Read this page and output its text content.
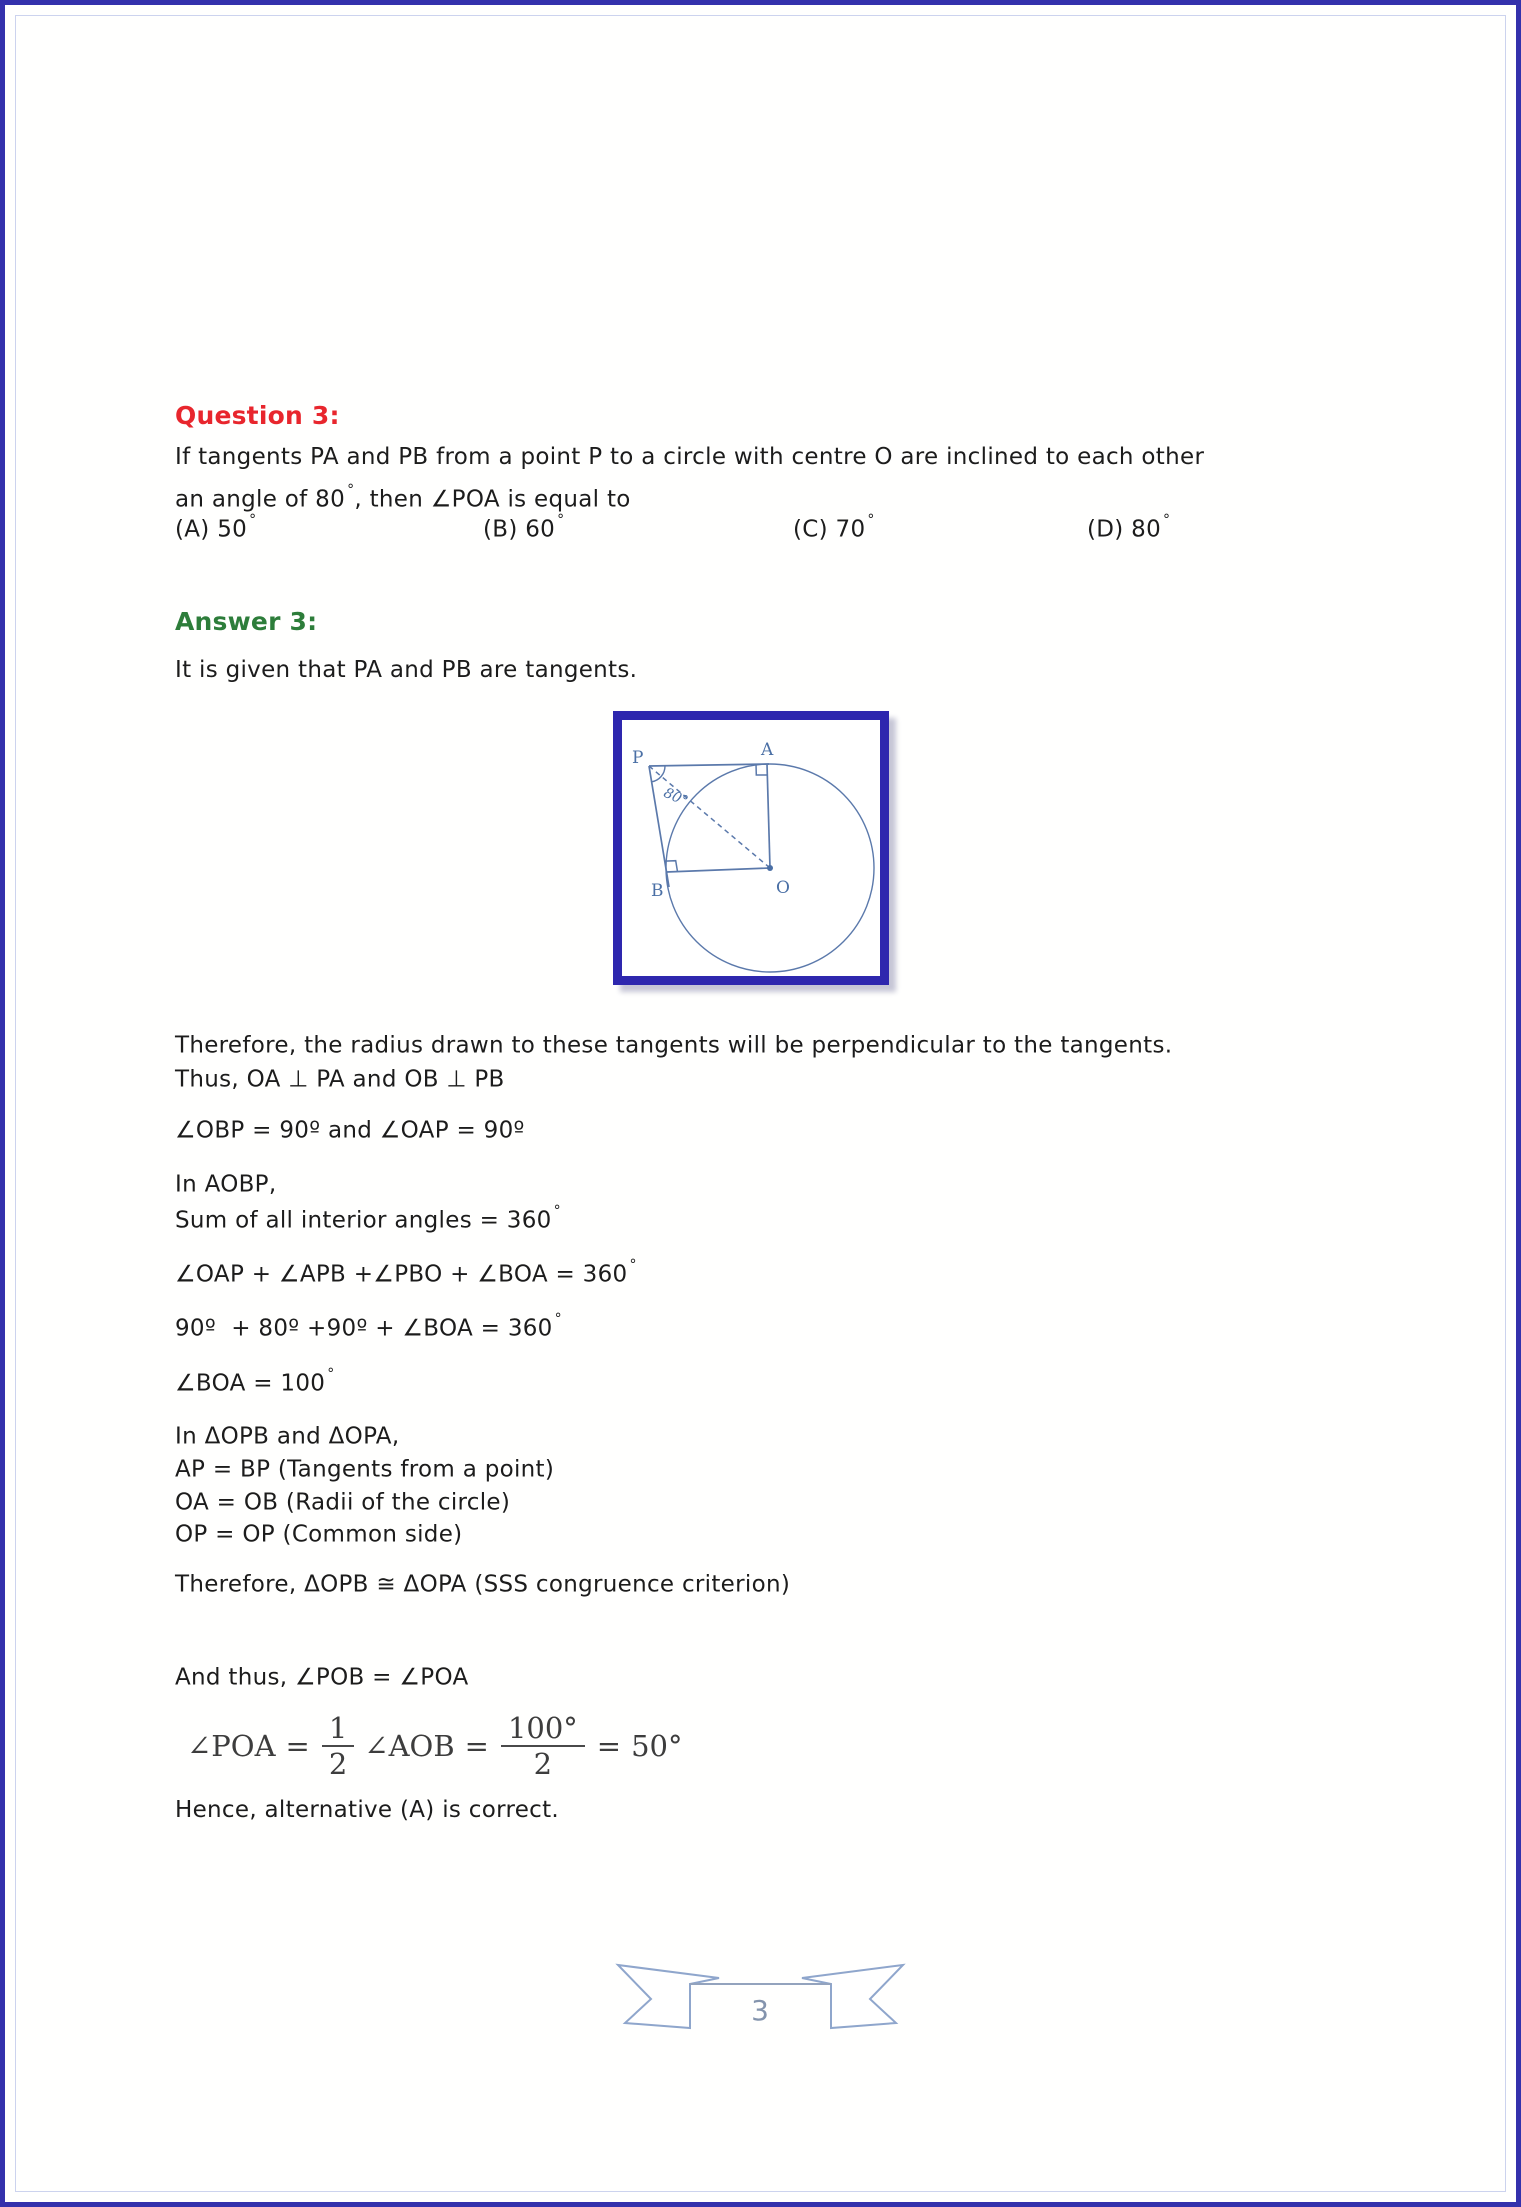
Question 3:
If tangents PA and PB from a point P to a circle with centre O are inclined to each other
an angle of 80 °, then ∠POA is equal to
(A) 50 °	(B) 60 °	(C) 70 °	(D) 80 °
Answer 3:
It is given that PA and PB are tangents.
P	A
B	O
80°
Therefore, the radius drawn to these tangents will be perpendicular to the tangents.
Thus, OA ⊥ PA and OB ⊥ PB
∠OBP = 90º and ∠OAP = 90º
In AOBP,
Sum of all interior angles = 360 °
∠OAP + ∠APB +∠PBO + ∠BOA = 360 °
90º  + 80º +90º + ∠BOA = 360 °
∠BOA = 100 °
In ΔOPB and ΔOPA,
AP = BP (Tangents from a point)
OA = OB (Radii of the circle)
OP = OP (Common side)
Therefore, ΔOPB ≅ ΔOPA (SSS congruence criterion)
And thus, ∠POB = ∠POA
∠POA = $\frac{1}{2}$ ∠AOB = $\frac{100^\circ}{2} = 50^\circ$
Hence, alternative (A) is correct.
3
